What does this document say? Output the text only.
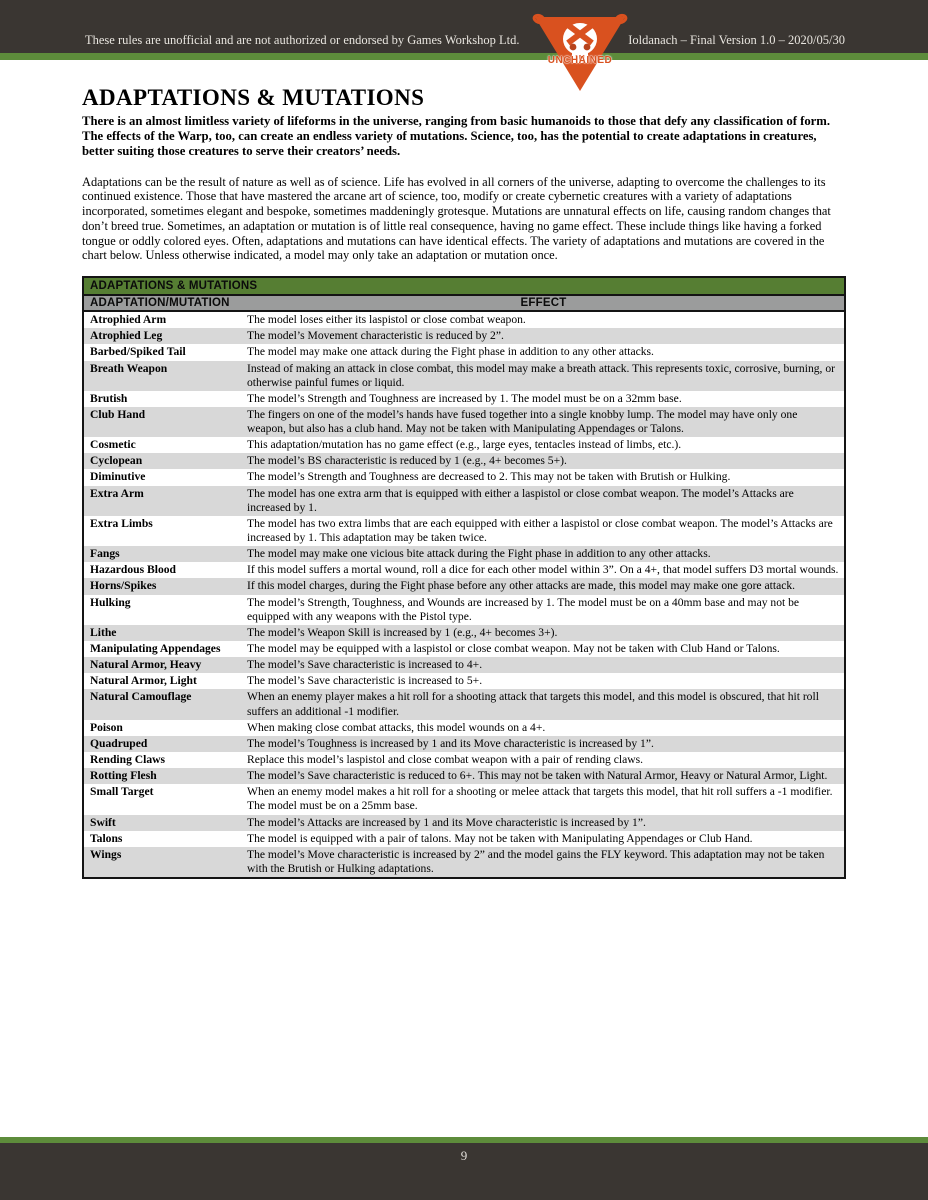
These rules are unofficial and are not authorized or endorsed by Games Workshop Ltd.	Ioldanach – Final Version 1.0 – 2020/05/30
UNCHAINED
ADAPTATIONS & MUTATIONS

There is an almost limitless variety of lifeforms in the universe, ranging from basic humanoids to those that defy any classification of form. The effects of the Warp, too, can create an endless variety of mutations. Science, too, has the potential to create adaptations in creatures, better suiting those creatures to serve their creators’ needs.

Adaptations can be the result of nature as well as of science. Life has evolved in all corners of the universe, adapting to overcome the challenges to its continued existence. Those that have mastered the arcane art of science, too, modify or create cybernetic creatures with a variety of adaptations incorporated, sometimes elegant and bespoke, sometimes maddeningly grotesque. Mutations are unnatural effects on life, causing random changes that don’t breed true. Sometimes, an adaptation or mutation is of little real consequence, having no game effect. These include things like having a forked tongue or oddly colored eyes. Often, adaptations and mutations can have identical effects. The variety of adaptations and mutations are covered in the chart below. Unless otherwise indicated, a model may only take an adaptation or mutation once.

ADAPTATIONS & MUTATIONS	
ADAPTATION/MUTATION	EFFECT
Atrophied Arm	The model loses either its laspistol or close combat weapon.
Atrophied Leg	The model’s Movement characteristic is reduced by 2”.
Barbed/Spiked Tail	The model may make one attack during the Fight phase in addition to any other attacks.
Breath Weapon	Instead of making an attack in close combat, this model may make a breath attack. This represents toxic, corrosive, burning, or otherwise painful fumes or liquid.
Brutish	The model’s Strength and Toughness are increased by 1. The model must be on a 32mm base.
Club Hand	The fingers on one of the model’s hands have fused together into a single knobby lump. The model may have only one weapon, but also has a club hand. May not be taken with Manipulating Appendages or Talons.
Cosmetic	This adaptation/mutation has no game effect (e.g., large eyes, tentacles instead of limbs, etc.).
Cyclopean	The model’s BS characteristic is reduced by 1 (e.g., 4+ becomes 5+).
Diminutive	The model’s Strength and Toughness are decreased to 2. This may not be taken with Brutish or Hulking.
Extra Arm	The model has one extra arm that is equipped with either a laspistol or close combat weapon. The model’s Attacks are increased by 1.
Extra Limbs	The model has two extra limbs that are each equipped with either a laspistol or close combat weapon. The model’s Attacks are increased by 1. This adaptation may be taken twice.
Fangs	The model may make one vicious bite attack during the Fight phase in addition to any other attacks.
Hazardous Blood	If this model suffers a mortal wound, roll a dice for each other model within 3”. On a 4+, that model suffers D3 mortal wounds.
Horns/Spikes	If this model charges, during the Fight phase before any other attacks are made, this model may make one gore attack.
Hulking	The model’s Strength, Toughness, and Wounds are increased by 1. The model must be on a 40mm base and may not be equipped with any weapons with the Pistol type.
Lithe	The model’s Weapon Skill is increased by 1 (e.g., 4+ becomes 3+).
Manipulating Appendages	The model may be equipped with a laspistol or close combat weapon. May not be taken with Club Hand or Talons.
Natural Armor, Heavy	The model’s Save characteristic is increased to 4+.
Natural Armor, Light	The model’s Save characteristic is increased to 5+.
Natural Camouflage	When an enemy player makes a hit roll for a shooting attack that targets this model, and this model is obscured, that hit roll suffers an additional -1 modifier.
Poison	When making close combat attacks, this model wounds on a 4+.
Quadruped	The model’s Toughness is increased by 1 and its Move characteristic is increased by 1”.
Rending Claws	Replace this model’s laspistol and close combat weapon with a pair of rending claws.
Rotting Flesh	The model’s Save characteristic is reduced to 6+. This may not be taken with Natural Armor, Heavy or Natural Armor, Light.
Small Target	When an enemy model makes a hit roll for a shooting or melee attack that targets this model, that hit roll suffers a -1 modifier. The model must be on a 25mm base.
Swift	The model’s Attacks are increased by 1 and its Move characteristic is increased by 1”.
Talons	The model is equipped with a pair of talons. May not be taken with Manipulating Appendages or Club Hand.
Wings	The model’s Move characteristic is increased by 2” and the model gains the FLY keyword. This adaptation may not be taken with the Brutish or Hulking adaptations.
9
